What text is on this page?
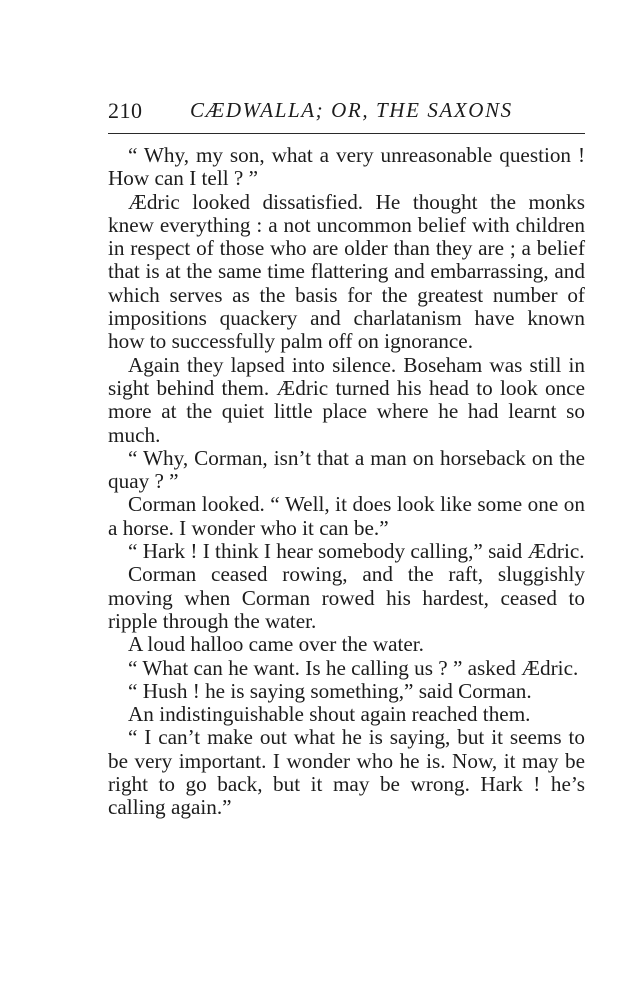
210 CÆDWALLA; OR, THE SAXONS

“ Why, my son, what a very unreasonable question ! How can I tell ? ”

Ædric looked dissatisfied. He thought the monks knew everything : a not uncommon belief with children in respect of those who are older than they are ; a belief that is at the same time flattering and embarrassing, and which serves as the basis for the greatest number of impositions quackery and charlatanism have known how to successfully palm off on ignorance.

Again they lapsed into silence. Boseham was still in sight behind them. Ædric turned his head to look once more at the quiet little place where he had learnt so much.

“ Why, Corman, isn’t that a man on horseback on the quay ? ”

Corman looked. “ Well, it does look like some one on a horse. I wonder who it can be.”

“ Hark ! I think I hear somebody calling,” said Ædric.

Corman ceased rowing, and the raft, sluggishly moving when Corman rowed his hardest, ceased to ripple through the water.

A loud halloo came over the water.

“ What can he want. Is he calling us ? ” asked Ædric.

“ Hush ! he is saying something,” said Corman.

An indistinguishable shout again reached them.

“ I can’t make out what he is saying, but it seems to be very important. I wonder who he is. Now, it may be right to go back, but it may be wrong. Hark ! he’s calling again.”
